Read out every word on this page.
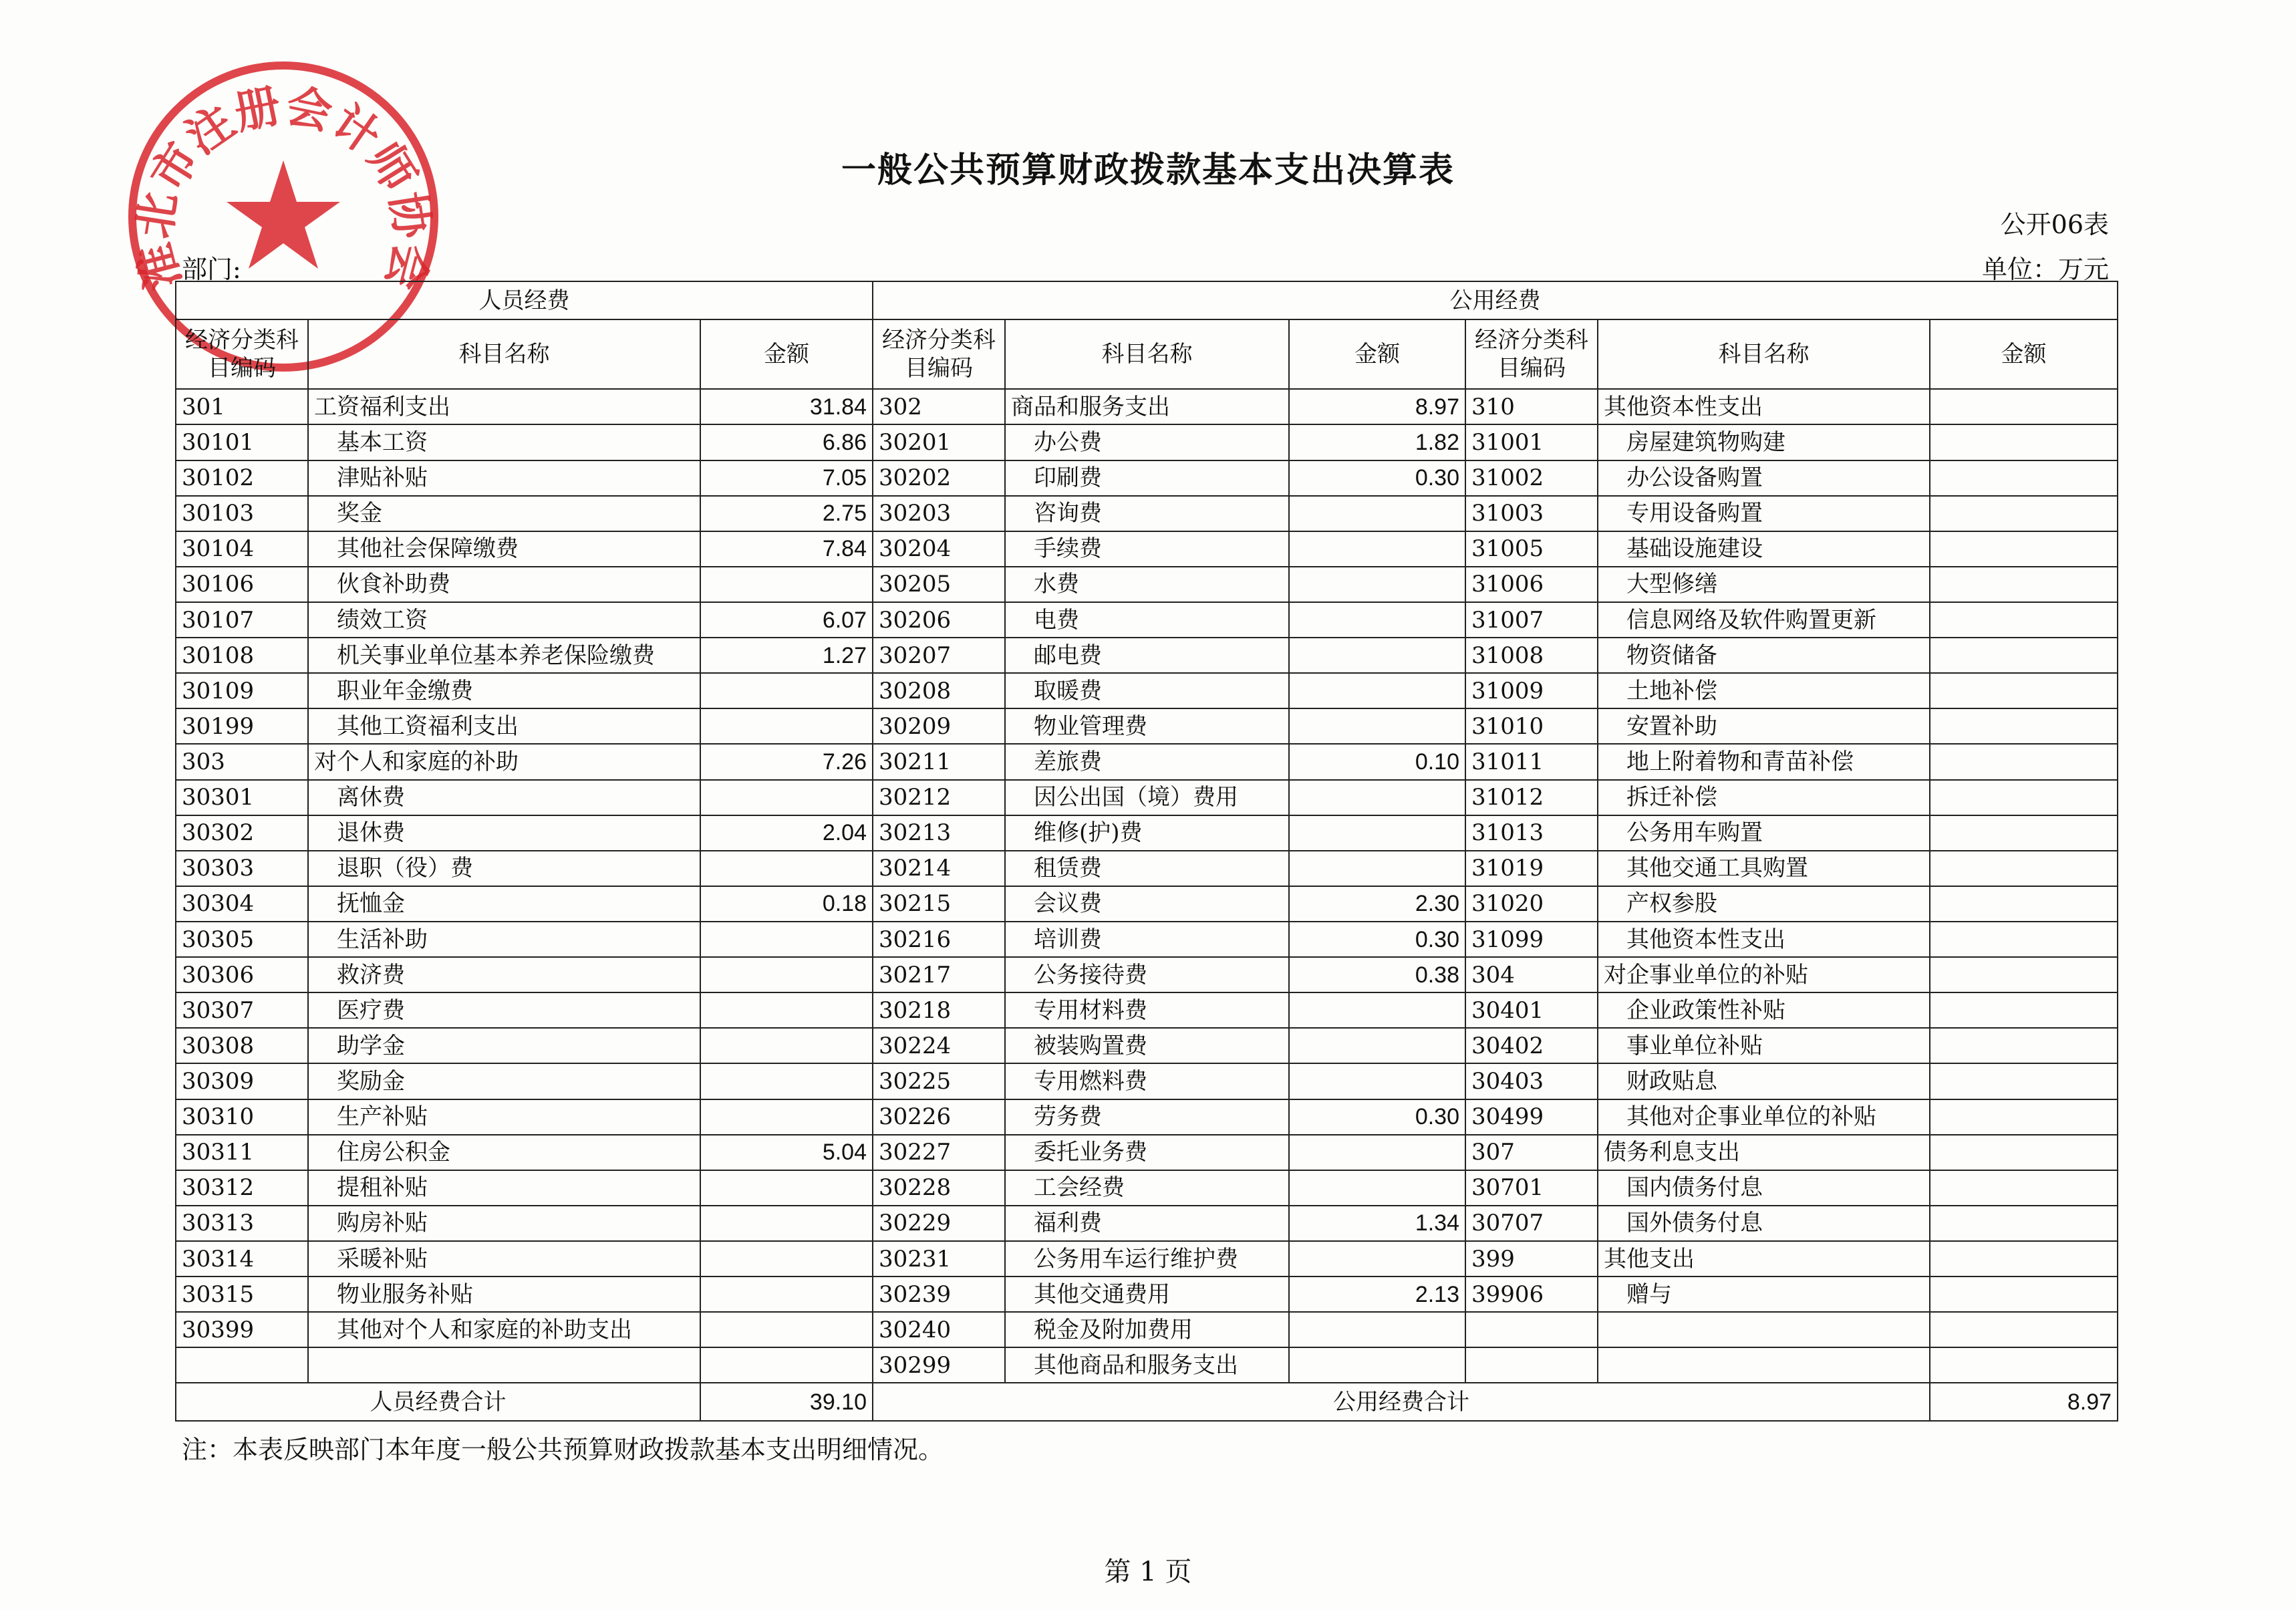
淮北市注册会计师协会
一般公共预算财政拨款基本支出决算表
公开06表
部门:	单位：万元
人员经费			公用经费					
经济分类科目编码	科目名称	金额	经济分类科目编码	科目名称	金额	经济分类科目编码	科目名称	金额
301	工资福利支出	31.84	302	商品和服务支出	8.97	310	其他资本性支出	
30101	基本工资	6.86	30201	办公费	1.82	31001	房屋建筑物购建	
30102	津贴补贴	7.05	30202	印刷费	0.30	31002	办公设备购置	
30103	奖金	2.75	30203	咨询费		31003	专用设备购置	
30104	其他社会保障缴费	7.84	30204	手续费		31005	基础设施建设	
30106	伙食补助费		30205	水费		31006	大型修缮	
30107	绩效工资	6.07	30206	电费		31007	信息网络及软件购置更新	
30108	机关事业单位基本养老保险缴费	1.27	30207	邮电费		31008	物资储备	
30109	职业年金缴费		30208	取暖费		31009	土地补偿	
30199	其他工资福利支出		30209	物业管理费		31010	安置补助	
303	对个人和家庭的补助	7.26	30211	差旅费	0.10	31011	地上附着物和青苗补偿	
30301	离休费		30212	因公出国（境）费用		31012	拆迁补偿	
30302	退休费	2.04	30213	维修(护)费		31013	公务用车购置	
30303	退职（役）费		30214	租赁费		31019	其他交通工具购置	
30304	抚恤金	0.18	30215	会议费	2.30	31020	产权参股	
30305	生活补助		30216	培训费	0.30	31099	其他资本性支出	
30306	救济费		30217	公务接待费	0.38	304	对企事业单位的补贴	
30307	医疗费		30218	专用材料费		30401	企业政策性补贴	
30308	助学金		30224	被装购置费		30402	事业单位补贴	
30309	奖励金		30225	专用燃料费		30403	财政贴息	
30310	生产补贴		30226	劳务费	0.30	30499	其他对企事业单位的补贴	
30311	住房公积金	5.04	30227	委托业务费		307	债务利息支出	
30312	提租补贴		30228	工会经费		30701	国内债务付息	
30313	购房补贴		30229	福利费	1.34	30707	国外债务付息	
30314	采暖补贴		30231	公务用车运行维护费		399	其他支出	
30315	物业服务补贴		30239	其他交通费用	2.13	39906	赠与	
30399	其他对个人和家庭的补助支出		30240	税金及附加费用				
			30299	其他商品和服务支出				
人员经费合计		39.10	公用经费合计					8.97
注：本表反映部门本年度一般公共预算财政拨款基本支出明细情况。
第 1 页
